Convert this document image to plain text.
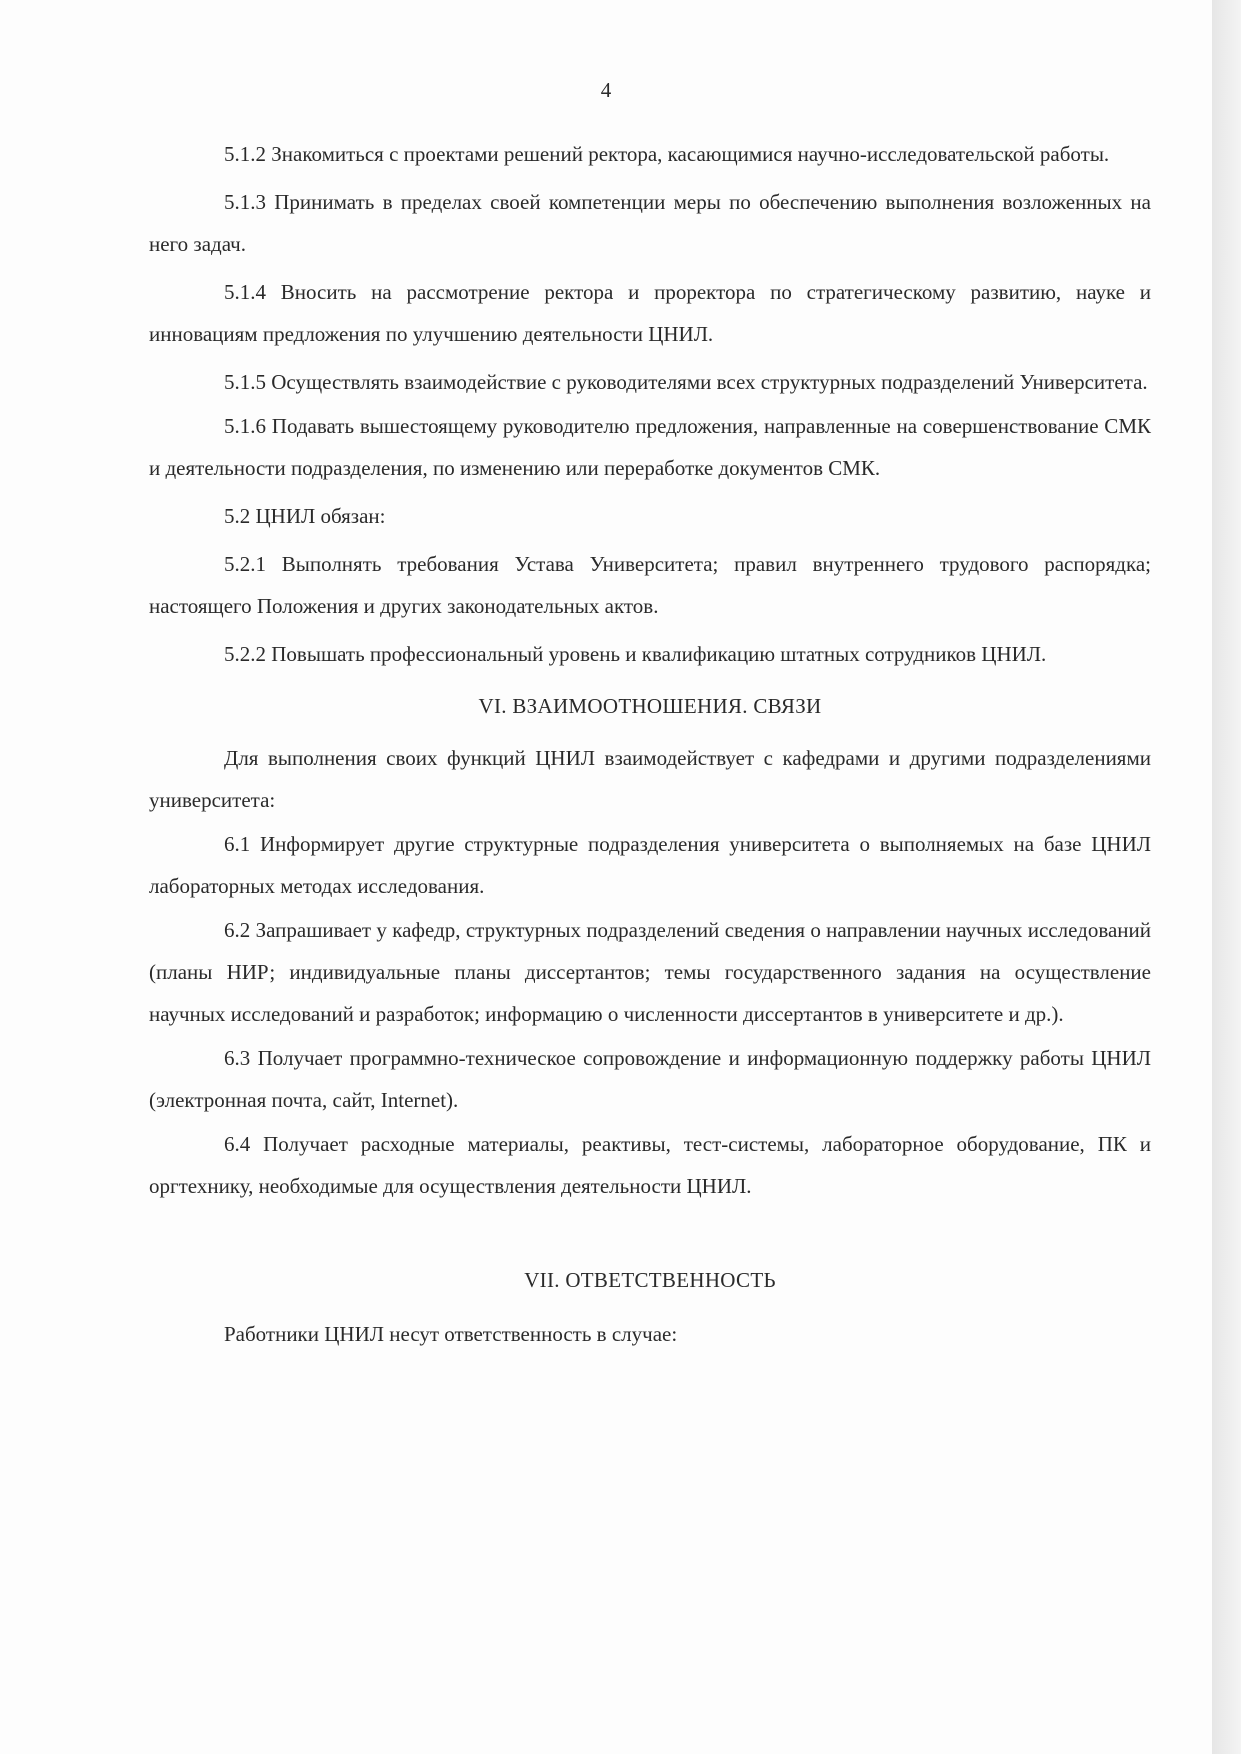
4

5.1.2 Знакомиться с проектами решений ректора, касающимися научно-исследовательской работы.

5.1.3 Принимать в пределах своей компетенции меры по обеспечению выполнения возложенных на него задач.

5.1.4 Вносить на рассмотрение ректора и проректора по стратегическому развитию, науке и инновациям предложения по улучшению деятельности ЦНИЛ.

5.1.5 Осуществлять взаимодействие с руководителями всех структурных подразделений Университета.

5.1.6 Подавать вышестоящему руководителю предложения, направленные на совершенствование СМК и деятельности подразделения, по изменению или переработке документов СМК.

5.2 ЦНИЛ обязан:

5.2.1 Выполнять требования Устава Университета; правил внутреннего трудового распорядка; настоящего Положения и других законодательных актов.

5.2.2 Повышать профессиональный уровень и квалификацию штатных сотрудников ЦНИЛ.

VI. ВЗАИМООТНОШЕНИЯ. СВЯЗИ

Для выполнения своих функций ЦНИЛ взаимодействует с кафедрами и другими подразделениями университета:

6.1 Информирует другие структурные подразделения университета о выполняемых на базе ЦНИЛ лабораторных методах исследования.

6.2 Запрашивает у кафедр, структурных подразделений сведения о направлении научных исследований (планы НИР; индивидуальные планы диссертантов; темы государственного задания на осуществление научных исследований и разработок; информацию о численности диссертантов в университете и др.).

6.3 Получает программно-техническое сопровождение и информационную поддержку работы ЦНИЛ (электронная почта, сайт, Internet).

6.4 Получает расходные материалы, реактивы, тест-системы, лабораторное оборудование, ПК и оргтехнику, необходимые для осуществления деятельности ЦНИЛ.

VII. ОТВЕТСТВЕННОСТЬ

Работники ЦНИЛ несут ответственность в случае:
